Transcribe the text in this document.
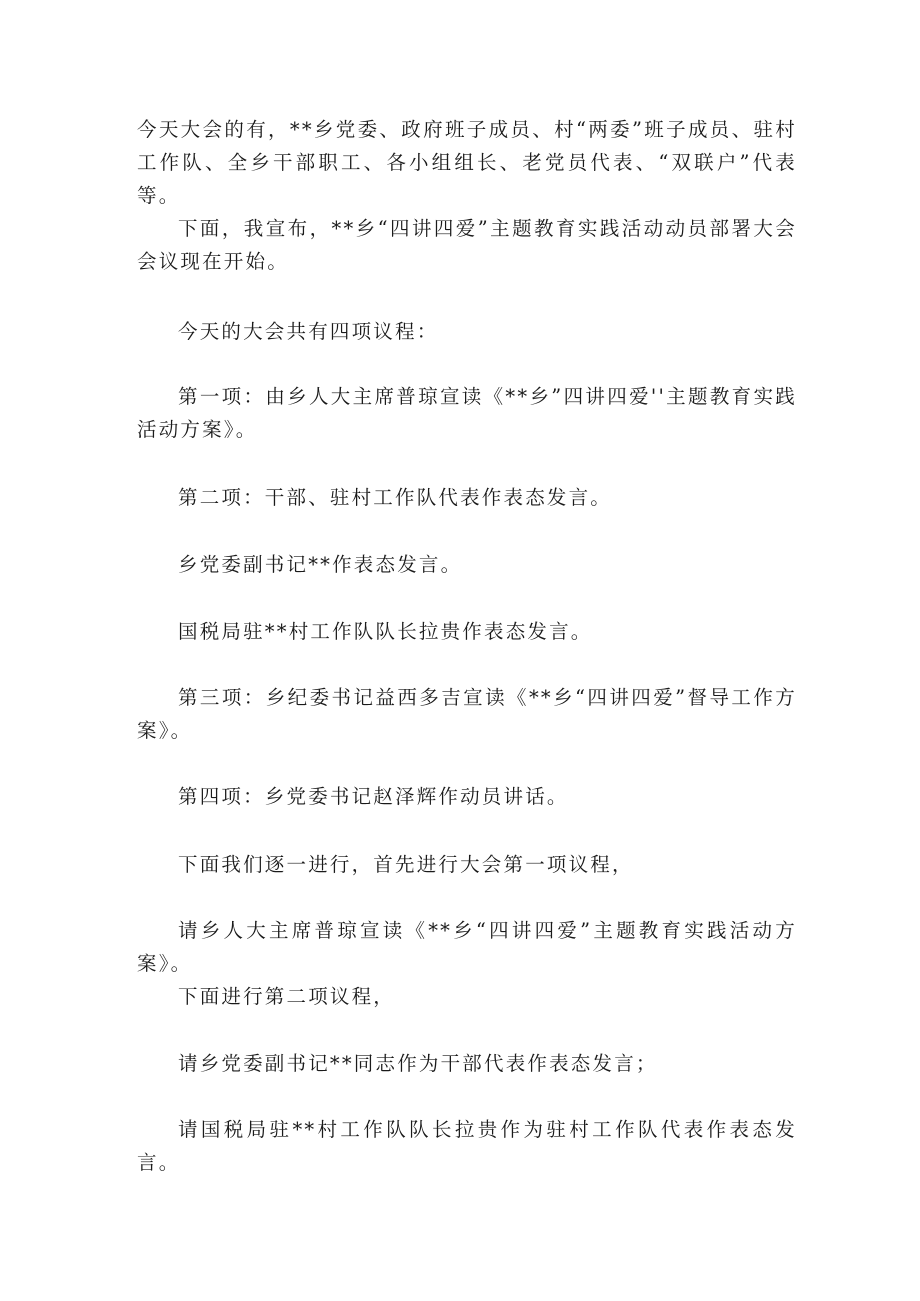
今天大会的有，**乡党委、政府班子成员、村“两委”班子成员、驻村工作队、全乡干部职工、各小组组长、老党员代表、“双联户”代表等。

下面，我宣布，**乡“四讲四爱”主题教育实践活动动员部署大会会议现在开始。

今天的大会共有四项议程：

第一项：由乡人大主席普琼宣读《**乡”四讲四爱''主题教育实践活动方案》。

第二项：干部、驻村工作队代表作表态发言。

乡党委副书记**作表态发言。

国税局驻**村工作队队长拉贵作表态发言。

第三项：乡纪委书记益西多吉宣读《**乡“四讲四爱”督导工作方案》。

第四项：乡党委书记赵泽辉作动员讲话。

下面我们逐一进行，首先进行大会第一项议程，

请乡人大主席普琼宣读《**乡“四讲四爱”主题教育实践活动方案》。

下面进行第二项议程，

请乡党委副书记**同志作为干部代表作表态发言；

请国税局驻**村工作队队长拉贵作为驻村工作队代表作表态发言。
